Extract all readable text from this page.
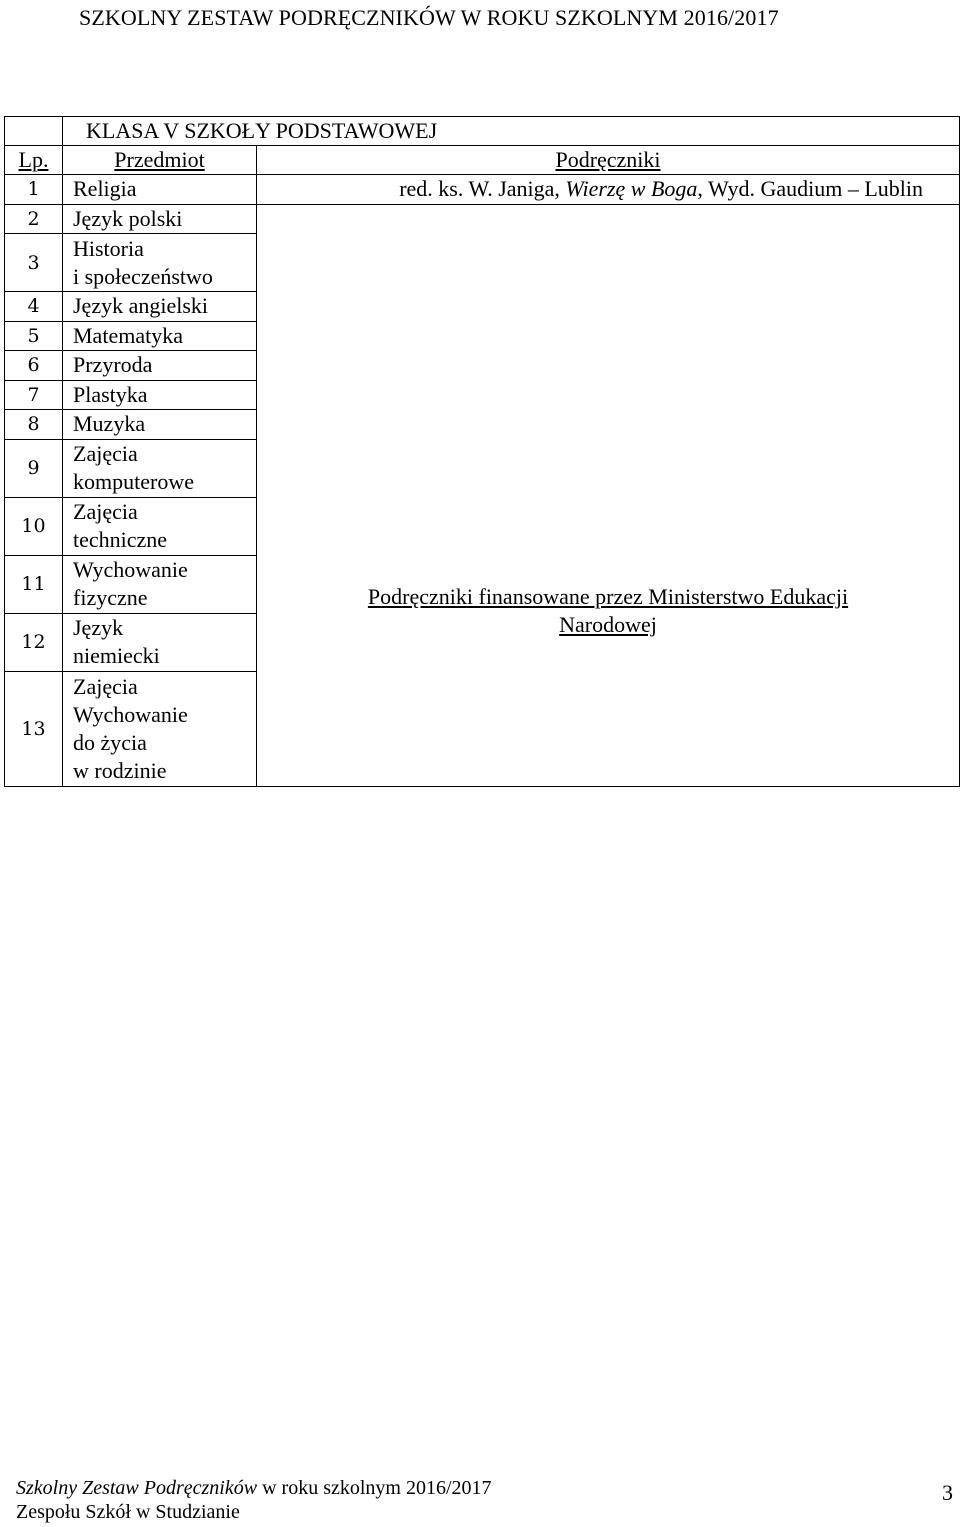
SZKOLNY ZESTAW PODRĘCZNIKÓW W ROKU SZKOLNYM 2016/2017
	KLASA V SZKOŁY PODSTAWOWEJ	
Lp.	Przedmiot	Podręczniki
1	Religia	red. ks. W. Janiga, Wierzę w Boga, Wyd. Gaudium – Lublin
2	Język polski	Podręczniki finansowane przez Ministerstwo Edukacji
Narodowej

3	Historia
i społeczeństwo	

4	Język angielski	

5	Matematyka	

6	Przyroda	

7	Plastyka	

8	Muzyka	

9	Zajęcia
komputerowe	

10	Zajęcia
techniczne	

11	Wychowanie
fizyczne	

12	Język
niemiecki	

13	Zajęcia
Wychowanie
do życia
w rodzinie	
Szkolny Zestaw Podręczników w roku szkolnym 2016/2017
Zespołu Szkół w Studzianie
3
